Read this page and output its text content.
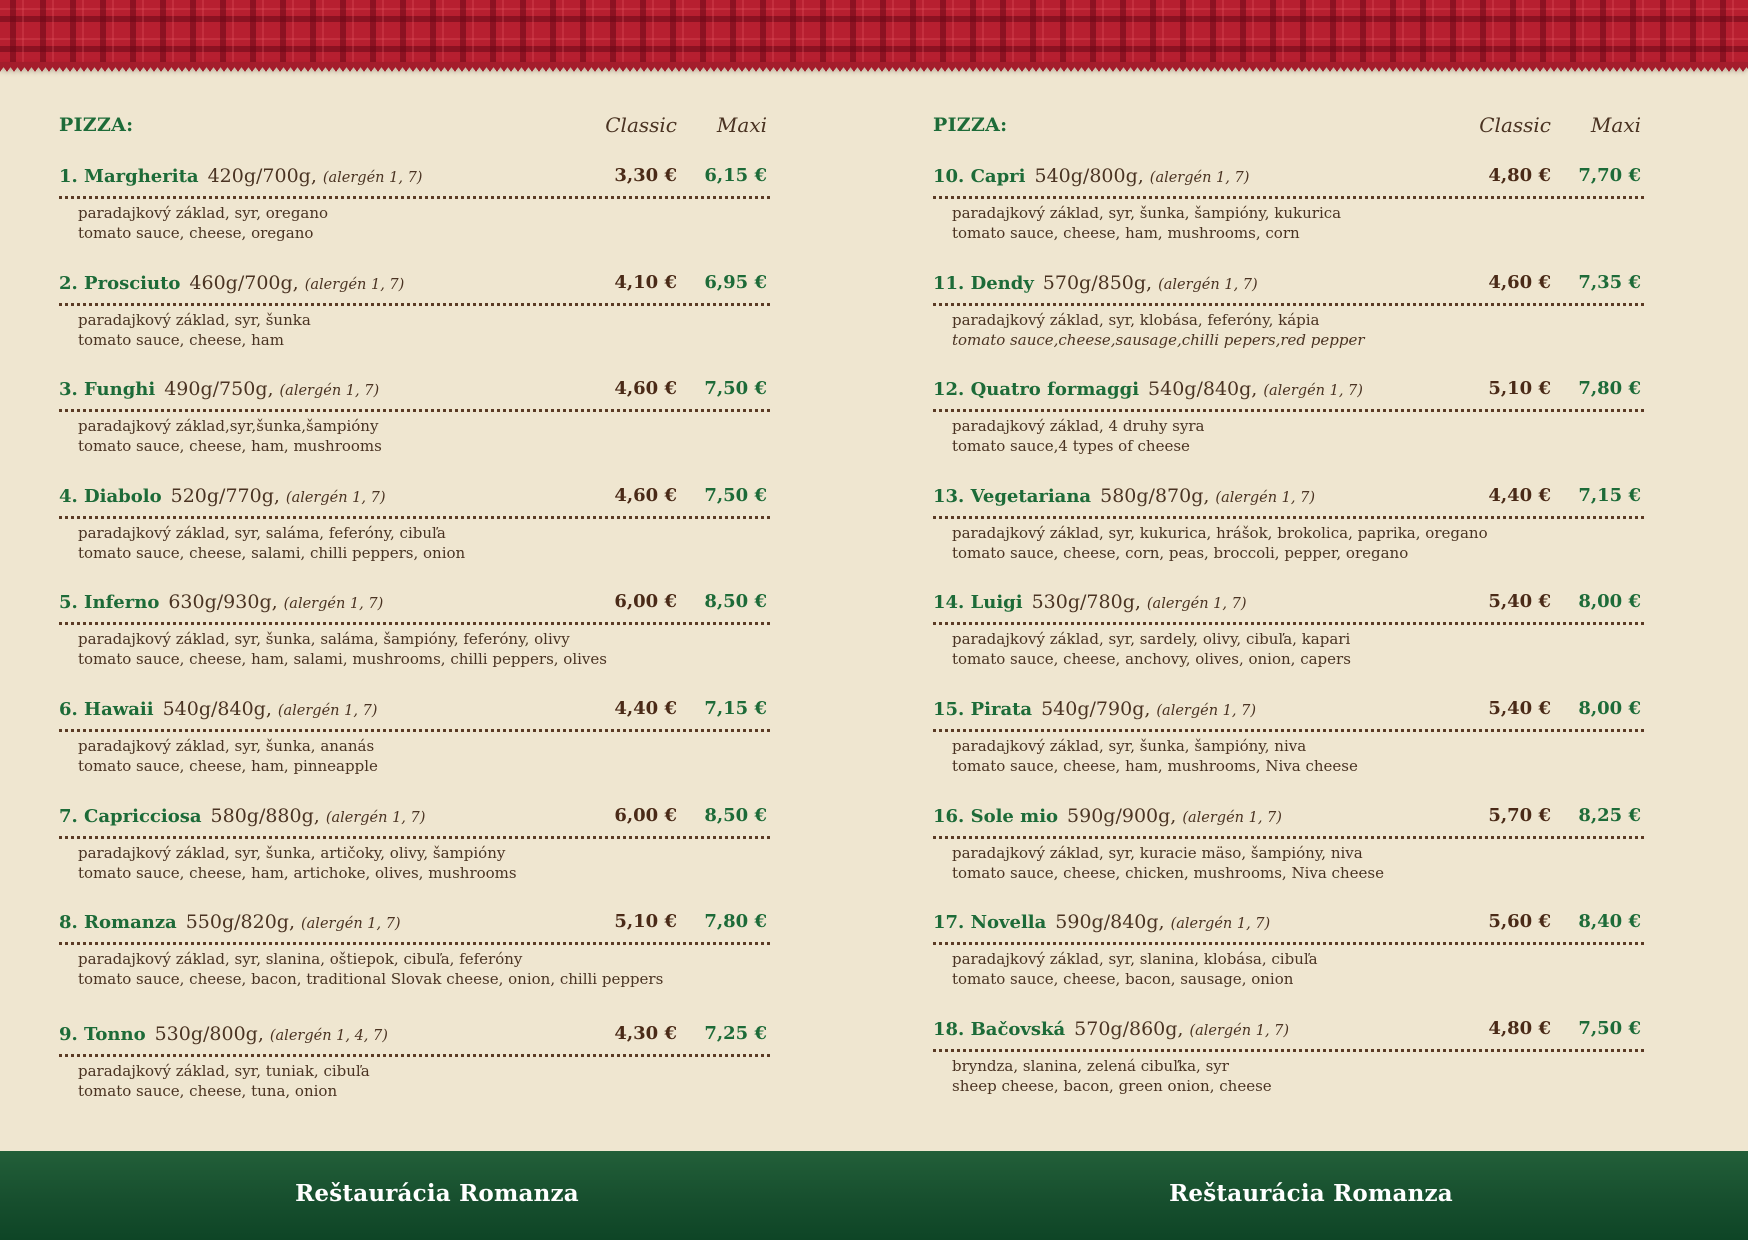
PIZZA:	Classic Maxi
1. Margherita 420g/700g, (alergén 1, 7)	3,30 € 6,15 €
paradajkový základ, syr, oregano
tomato sauce, cheese, oregano
2. Prosciuto 460g/700g, (alergén 1, 7)	4,10 € 6,95 €
paradajkový základ, syr, šunka
tomato sauce, cheese, ham
3. Funghi 490g/750g, (alergén 1, 7)	4,60 € 7,50 €
paradajkový základ,syr,šunka,šampióny
tomato sauce, cheese, ham, mushrooms
4. Diabolo 520g/770g, (alergén 1, 7)	4,60 € 7,50 €
paradajkový základ, syr, saláma, feferóny, cibuľa
tomato sauce, cheese, salami, chilli peppers, onion
5. Inferno 630g/930g, (alergén 1, 7)	6,00 € 8,50 €
paradajkový základ, syr, šunka, saláma, šampióny, feferóny, olivy
tomato sauce, cheese, ham, salami, mushrooms, chilli peppers, olives
6. Hawaii 540g/840g, (alergén 1, 7)	4,40 € 7,15 €
paradajkový základ, syr, šunka, ananás
tomato sauce, cheese, ham, pinneapple
7. Capricciosa 580g/880g, (alergén 1, 7)	6,00 € 8,50 €
paradajkový základ, syr, šunka, artičoky, olivy, šampióny
tomato sauce, cheese, ham, artichoke, olives, mushrooms
8. Romanza 550g/820g, (alergén 1, 7)	5,10 € 7,80 €
paradajkový základ, syr, slanina, oštiepok, cibuľa, feferóny
tomato sauce, cheese, bacon, traditional Slovak cheese, onion, chilli peppers
9. Tonno 530g/800g, (alergén 1, 4, 7)	4,30 € 7,25 €
paradajkový základ, syr, tuniak, cibuľa
tomato sauce, cheese, tuna, onion
PIZZA:	Classic Maxi
10. Capri 540g/800g, (alergén 1, 7)	4,80 € 7,70 €
paradajkový základ, syr, šunka, šampióny, kukurica
tomato sauce, cheese, ham, mushrooms, corn
11. Dendy 570g/850g, (alergén 1, 7)	4,60 € 7,35 €
paradajkový základ, syr, klobása, feferóny, kápia
tomato sauce,cheese,sausage,chilli pepers,red pepper
12. Quatro formaggi 540g/840g, (alergén 1, 7)	5,10 € 7,80 €
paradajkový základ, 4 druhy syra
tomato sauce,4 types of cheese
13. Vegetariana 580g/870g, (alergén 1, 7)	4,40 € 7,15 €
paradajkový základ, syr, kukurica, hrášok, brokolica, paprika, oregano
tomato sauce, cheese, corn, peas, broccoli, pepper, oregano
14. Luigi 530g/780g, (alergén 1, 7)	5,40 € 8,00 €
paradajkový základ, syr, sardely, olivy, cibuľa, kapari
tomato sauce, cheese, anchovy, olives, onion, capers
15. Pirata 540g/790g, (alergén 1, 7)	5,40 € 8,00 €
paradajkový základ, syr, šunka, šampióny, niva
tomato sauce, cheese, ham, mushrooms, Niva cheese
16. Sole mio 590g/900g, (alergén 1, 7)	5,70 € 8,25 €
paradajkový základ, syr, kuracie mäso, šampióny, niva
tomato sauce, cheese, chicken, mushrooms, Niva cheese
17. Novella 590g/840g, (alergén 1, 7)	5,60 € 8,40 €
paradajkový základ, syr, slanina, klobása, cibuľa
tomato sauce, cheese, bacon, sausage, onion
18. Bačovská 570g/860g, (alergén 1, 7)	4,80 € 7,50 €
bryndza, slanina, zelená cibuľka, syr
sheep cheese, bacon, green onion, cheese
Reštaurácia Romanza	Reštaurácia Romanza
